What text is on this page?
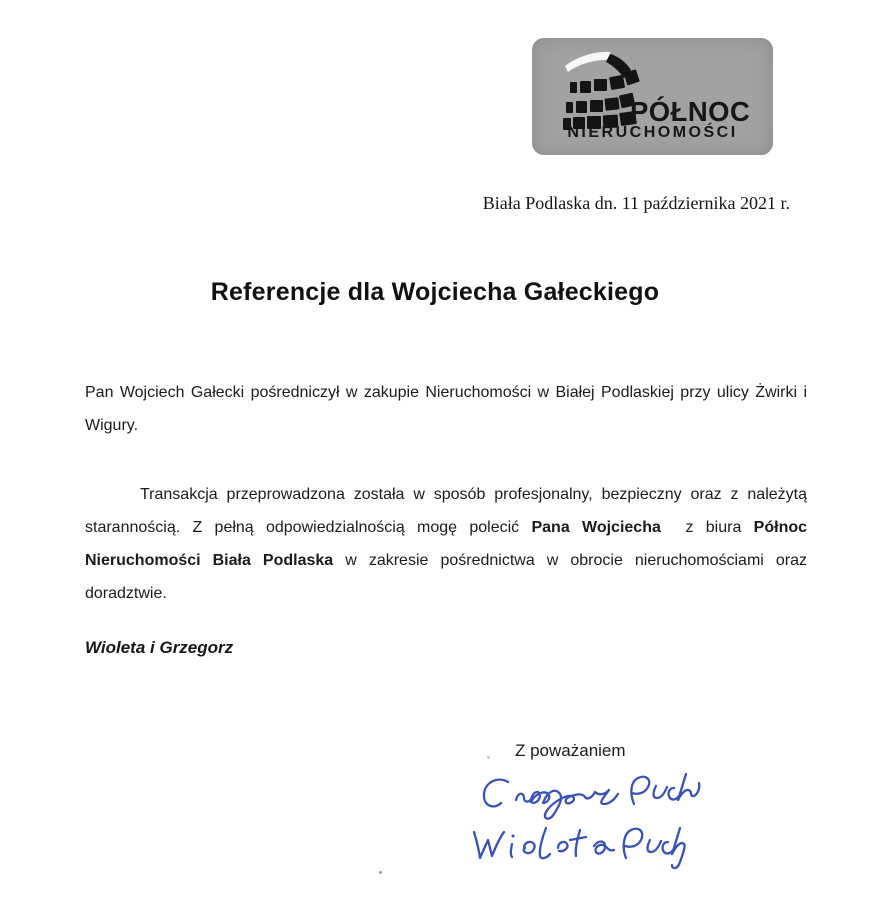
PÓŁNOC
NIERUCHOMOŚCI
Biała Podlaska dn. 11 października 2021 r.
Referencje dla Wojciecha Gałeckiego

Pan Wojciech Gałecki pośredniczył w zakupie Nieruchomości w Białej Podlaskiej przy ulicy Żwirki i Wigury.

Transakcja przeprowadzona została w sposób profesjonalny, bezpieczny oraz z należytą starannością. Z pełną odpowiedzialnością mogę polecić Pana Wojciecha  z biura Północ Nieruchomości Biała Podlaska w zakresie pośrednictwa w obrocie nieruchomościami oraz doradztwie.

Wioleta i Grzegorz
Z poważaniem
